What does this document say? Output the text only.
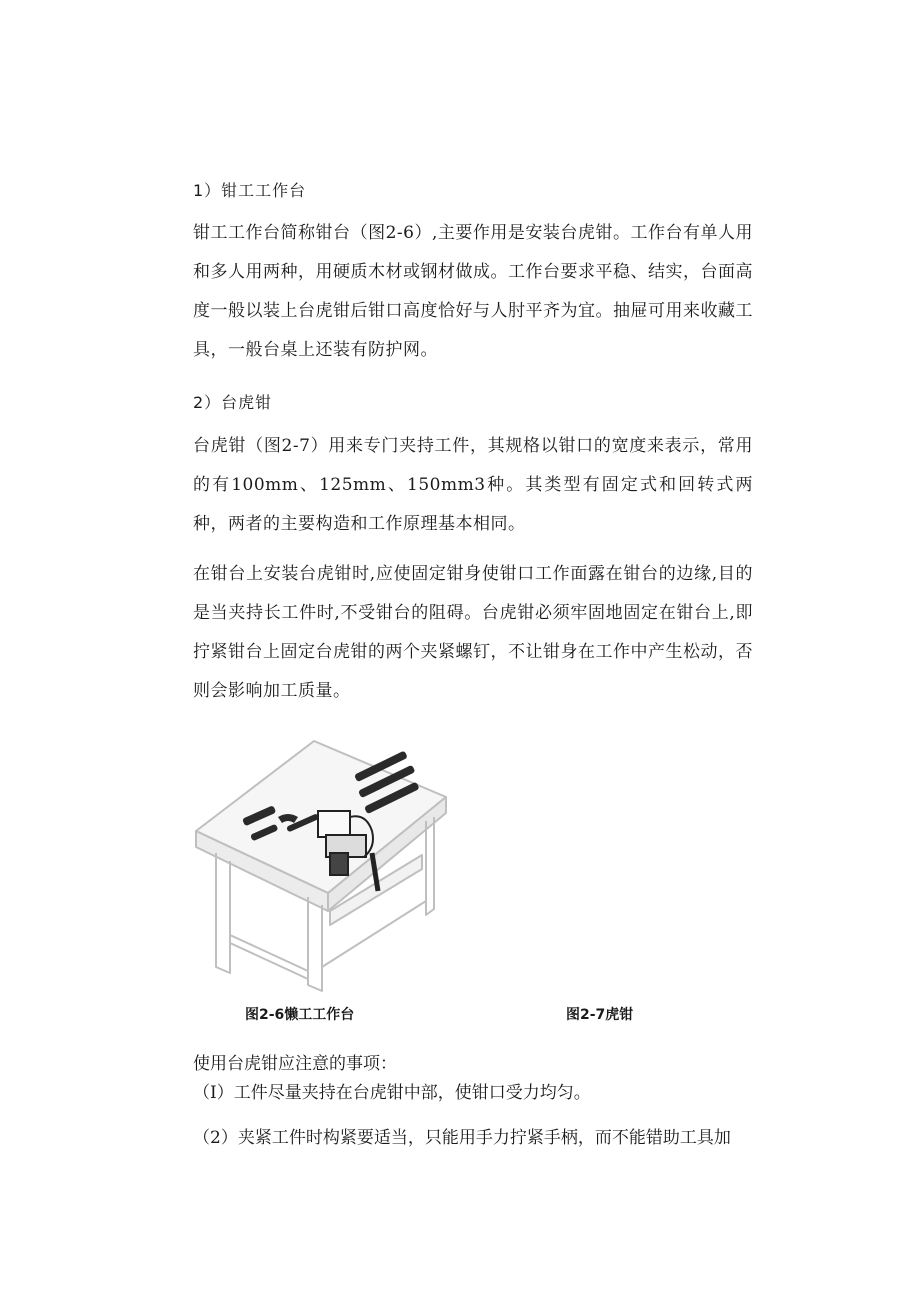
1）钳工工作台

钳工工作台简称钳台（图2-6）,主要作用是安装台虎钳。工作台有单人用和多人用两种，用硬质木材或钢材做成。工作台要求平稳、结实，台面高度一般以装上台虎钳后钳口高度恰好与人肘平齐为宜。抽屉可用来收藏工具，一般台桌上还装有防护网。

2）台虎钳

台虎钳（图2-7）用来专门夹持工件，其规格以钳口的宽度来表示，常用的有100mm、125mm、150mm3种。其类型有固定式和回转式两种，两者的主要构造和工作原理基本相同。

在钳台上安装台虎钳时,应使固定钳身使钳口工作面露在钳台的边缘,目的是当夹持长工件时,不受钳台的阻碍。台虎钳必须牢固地固定在钳台上,即拧紧钳台上固定台虎钳的两个夹紧螺钉，不让钳身在工作中产生松动，否则会影响加工质量。

图2-6懒工工作台	图2-7虎钳
使用台虎钳应注意的事项：
（I）工件尽量夹持在台虎钳中部，使钳口受力均匀。
（2）夹紧工件时构紧要适当，只能用手力拧紧手柄，而不能错助工具加
